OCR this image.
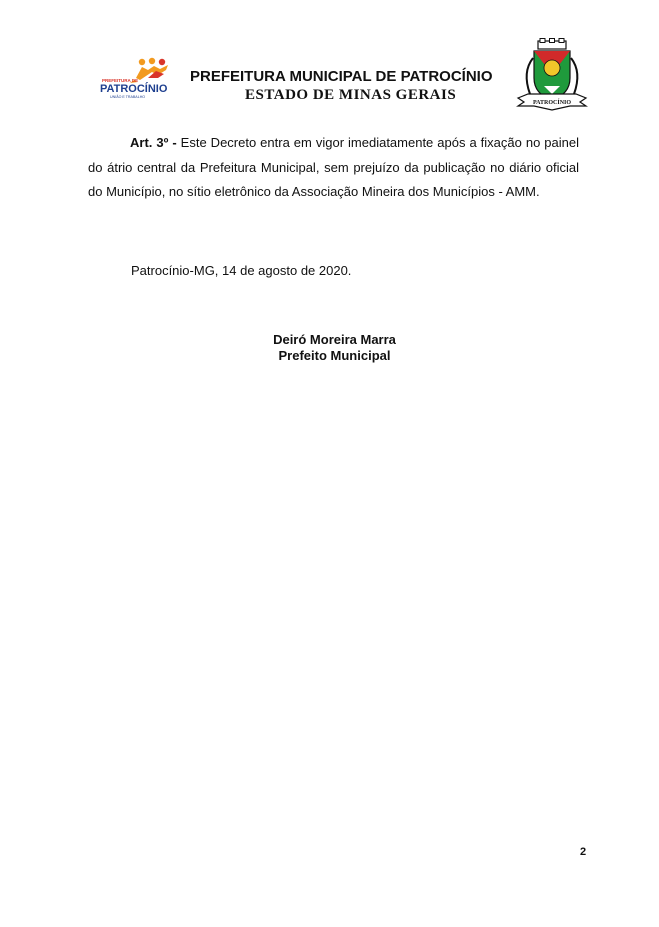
PREFEITURA DE
PATROCÍNIO
UNIÃO E TRABALHO
PREFEITURA MUNICIPAL DE PATROCÍNIO
ESTADO DE MINAS GERAIS	PATROCÍNIO

Art. 3º - Este Decreto entra em vigor imediatamente após a fixação no painel do átrio central da Prefeitura Municipal, sem prejuízo da publicação no diário oficial do Município, no sítio eletrônico da Associação Mineira dos Municípios - AMM.

Patrocínio-MG, 14 de agosto de 2020.
Deiró Moreira Marra
Prefeito Municipal
2
